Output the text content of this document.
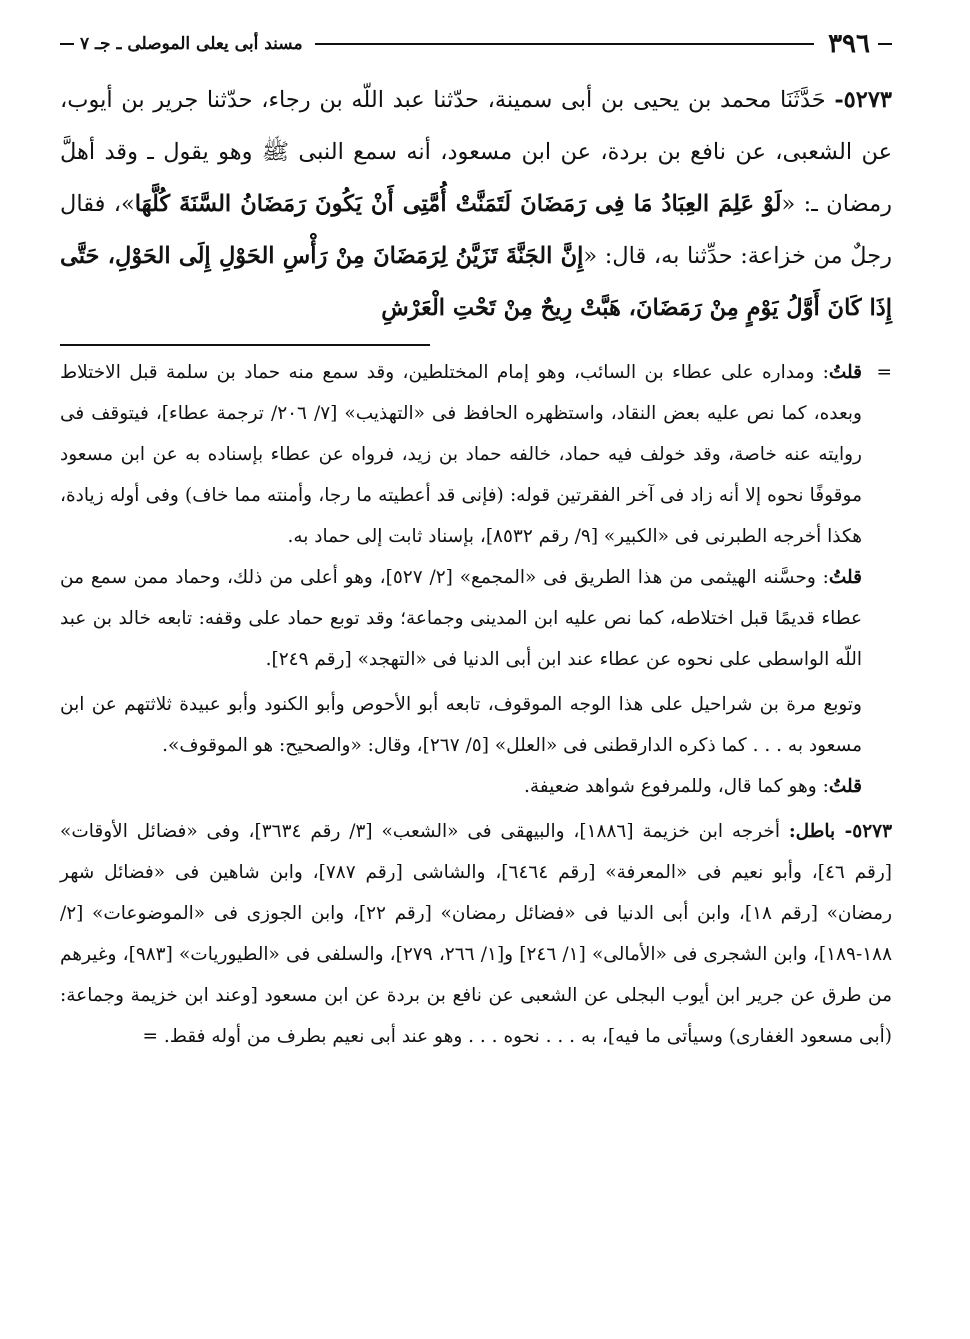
٣٩٦
مسند أبى يعلى الموصلى ـ جـ ٧
٥٢٧٣- حَدَّثَنَا محمد بن يحيى بن أبى سمينة، حدّثنا عبد اللّه بن رجاء، حدّثنا جرير بن أيوب، عن الشعبى، عن نافع بن بردة، عن ابن مسعود، أنه سمع النبى ﷺ وهو يقول ـ وقد أهلَّ رمضان ـ: «لَوْ عَلِمَ العِبَادُ مَا فِى رَمَضَانَ لَتَمَنَّتْ أُمَّتِى أَنْ يَكُونَ رَمَضَانُ السَّنَةَ كُلَّهَا»، فقال رجلٌ من خزاعة: حدِّثنا به، قال: «إِنَّ الجَنَّةَ تَزَيَّنُ لِرَمَضَانَ مِنْ رَأْسِ الحَوْلِ إِلَى الحَوْلِ، حَتَّى إِذَا كَانَ أَوَّلُ يَوْمٍ مِنْ رَمَضَانَ، هَبَّتْ رِيحٌ مِنْ تَحْتِ الْعَرْشِ

=
قلتُ: ومداره على عطاء بن السائب، وهو إمام المختلطين، وقد سمع منه حماد بن سلمة قبل الاختلاط وبعده، كما نص عليه بعض النقاد، واستظهره الحافظ فى «التهذيب» [٧/ ٢٠٦/ ترجمة عطاء]، فيتوقف فى روايته عنه خاصة، وقد خولف فيه حماد، خالفه حماد بن زيد، فرواه عن عطاء بإسناده به عن ابن مسعود موقوفًا نحوه إلا أنه زاد فى آخر الفقرتين قوله: (فإنى قد أعطيته ما رجا، وأمنته مما خاف) وفى أوله زيادة، هكذا أخرجه الطبرنى فى «الكبير» [٩/ رقم ٨٥٣٢]، بإسناد ثابت إلى حماد به.

قلتُ: وحسَّنه الهيثمى من هذا الطريق فى «المجمع» [٢/ ٥٢٧]، وهو أعلى من ذلك، وحماد ممن سمع من عطاء قديمًا قبل اختلاطه، كما نص عليه ابن المدينى وجماعة؛ وقد توبع حماد على وقفه: تابعه خالد بن عبد اللّه الواسطى على نحوه عن عطاء عند ابن أبى الدنيا فى «التهجد» [رقم ٢٤٩].

وتوبع مرة بن شراحيل على هذا الوجه الموقوف، تابعه أبو الأحوص وأبو الكنود وأبو عبيدة ثلاثتهم عن ابن مسعود به . . . كما ذكره الدارقطنى فى «العلل» [٥/ ٢٦٧]، وقال: «والصحيح: هو الموقوف».

قلتُ: وهو كما قال، وللمرفوع شواهد ضعيفة.

٥٢٧٣- باطل: أخرجه ابن خزيمة [١٨٨٦]، والبيهقى فى «الشعب» [٣/ رقم ٣٦٣٤]، وفى «فضائل الأوقات» [رقم ٤٦]، وأبو نعيم فى «المعرفة» [رقم ٦٤٦٤]، والشاشى [رقم ٧٨٧]، وابن شاهين فى «فضائل شهر رمضان» [رقم ١٨]، وابن أبى الدنيا فى «فضائل رمضان» [رقم ٢٢]، وابن الجوزى فى «الموضوعات» [٢/ ١٨٨-١٨٩]، وابن الشجرى فى «الأمالى» [١/ ٢٤٦] و[١/ ٢٦٦، ٢٧٩]، والسلفى فى «الطيوريات» [٩٨٣]، وغيرهم من طرق عن جرير ابن أيوب البجلى عن الشعبى عن نافع بن بردة عن ابن مسعود [وعند ابن خزيمة وجماعة: (أبى مسعود الغفارى) وسيأتى ما فيه]، به . . . نحوه . . . وهو عند أبى نعيم بطرف من أوله فقط. =
